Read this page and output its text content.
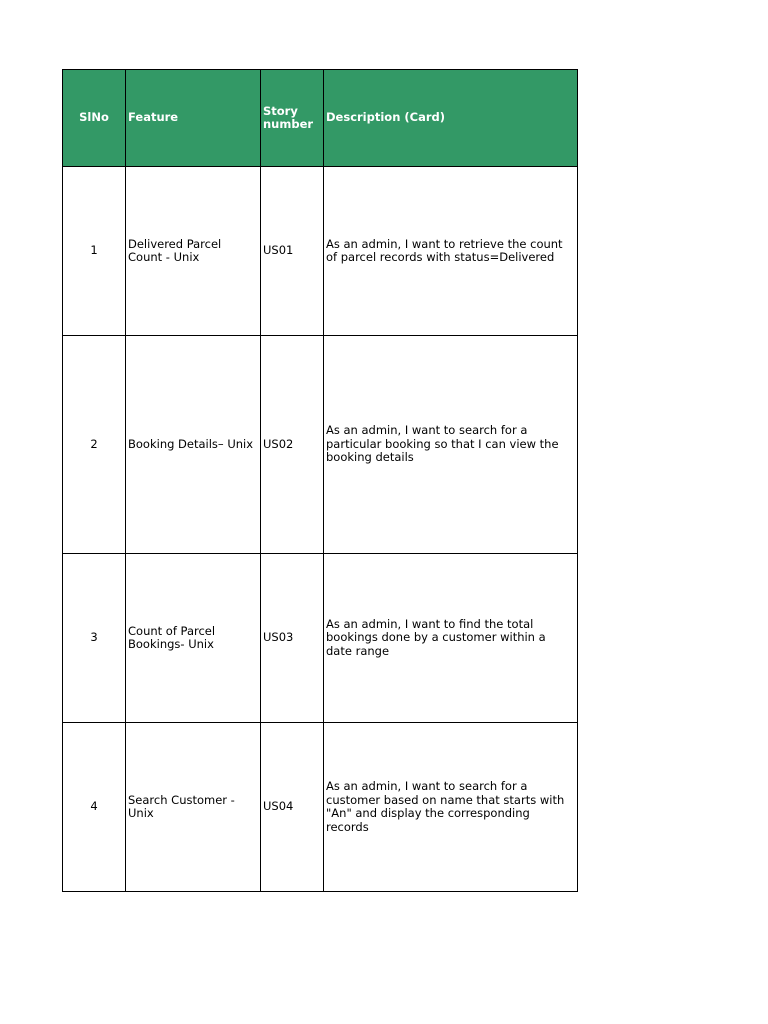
SlNo	Feature	Story number	Description (Card)
1	Delivered Parcel Count - Unix	US01	As an admin, I want to retrieve the count of parcel records with status=Delivered
2	Booking Details– Unix	US02	As an admin, I want to search for a particular booking so that I can view the booking details
3	Count of Parcel Bookings- Unix	US03	As an admin, I want to find the total bookings done by a customer within a date range
4	Search Customer - Unix	US04	As an admin, I want to search for a customer based on name that starts with "An" and display the corresponding records
